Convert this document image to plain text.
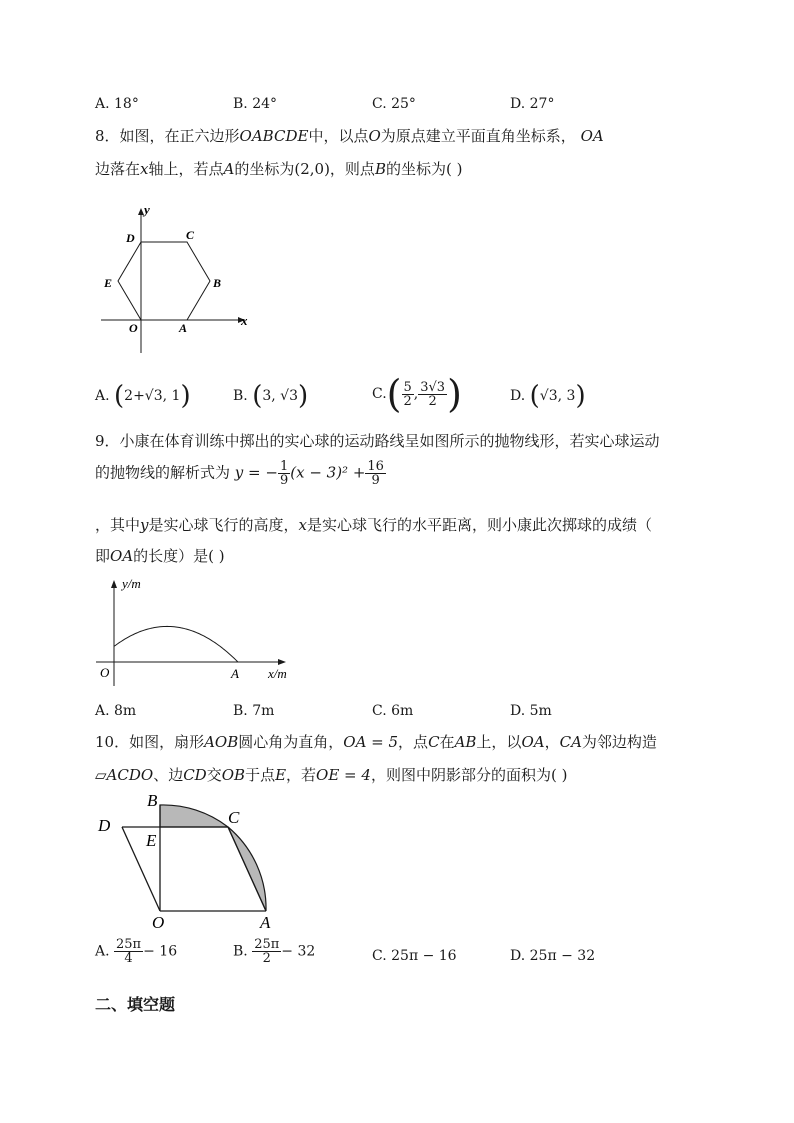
A. 18°	B. 24°	C. 25°	D. 27°
8．如图，在正六边形OABCDE中，以点O为原点建立平面直角坐标系， OA
边落在x轴上，若点A的坐标为(2,0)，则点B的坐标为( )
y
x
D	C
E	B
O	A
A. (2+√3, 1)	B. (3, √3)	$C.( \frac{5}{2}$ , $\frac{3√3}{2}$ )	D. (√3, 3)
9．小康在体育训练中掷出的实心球的运动路线呈如图所示的抛物线形，若实心球运动
的抛物线的解析式为 y = − $\frac{1}{9} (x - 3)^2 + \frac{16}{9}$
，其中y是实心球飞行的高度，x是实心球飞行的水平距离，则小康此次掷球的成绩（
即OA的长度）是( )
y/m
x/m
O	A
A. 8m	B. 7m	C. 6m	D. 5m
10．如图，扇形AOB圆心角为直角，OA = 5，点C在AB上，以OA，CA为邻边构造
▱ACDO、边CD交OB于点E，若OE = 4，则图中阴影部分的面积为( )
B
C
D
E
O	A
A. $\frac{25\pi}{4} - 16$	B. $\frac{25\pi}{2} - 32$	C. 25π − 16	D. 25π − 32
二、填空题
